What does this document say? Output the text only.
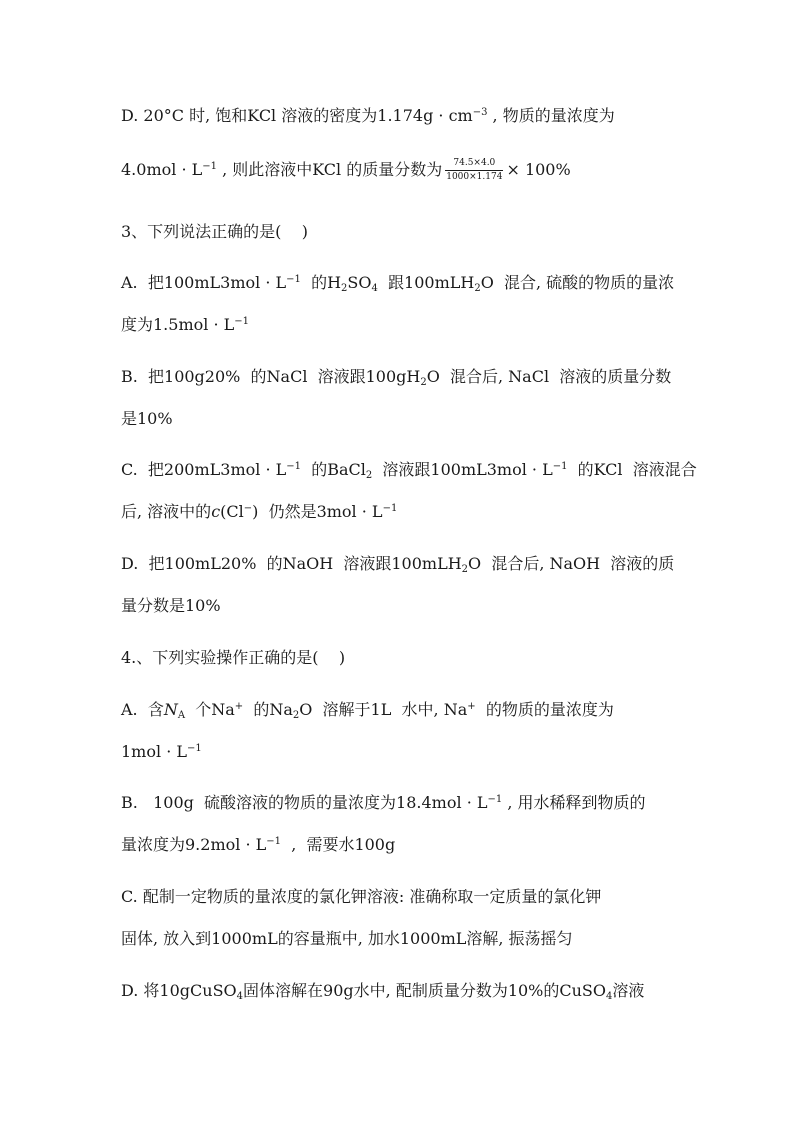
D. 20°C 时, 饱和KCl 溶液的密度为$1.174g \cdot cm^{-3}$ , 物质的量浓度为
$4.0mol \cdot L^{-1}$ , 则此溶液中KCl 的质量分数为 $\frac{74.5\times 4.0}{1000\times 1.174} \times 100\%$
3、下列说法正确的是(    )
A.  把$100mL3mol \cdot L^{-1}$  的$H_2SO_4$  跟100mLH$_2$O  混合, 硫酸的物质的量浓
度为$1.5mol \cdot L^{-1}$
B.  把100g20%  的NaCl  溶液跟$100gH_2O$  混合后, NaCl  溶液的质量分数
是10%
C.  把$200mL3mol \cdot L^{-1}$  的BaCl$_2$  溶液跟$100mL3mol \cdot L^{-1}$  的KCl  溶液混合
后, 溶液中的c(Cl−)  仍然是$3mol \cdot L^{-1}$
D.  把100mL20%  的NaOH  溶液跟100mLH$_2$O  混合后, NaOH  溶液的质
量分数是10%
4.、下列实验操作正确的是(    )
A.  含$N_A$  个Na+  的$Na_2O$  溶解于1L  水中, Na+  的物质的量浓度为
$1mol \cdot L^{-1}$
B.   100g  硫酸溶液的物质的量浓度为$18.4mol \cdot L^{-1}$ , 用水稀释到物质的
量浓度为$9.2mol \cdot L^{-1}$  ,  需要水100g
C. 配制一定物质的量浓度的氯化钾溶液: 准确称取一定质量的氯化钾
固体, 放入到1000mL的容量瓶中, 加水1000mL溶解, 振荡摇匀
D. 将10gCuSO$_4$固体溶解在90g水中, 配制质量分数为10%的CuSO$_4$溶液
